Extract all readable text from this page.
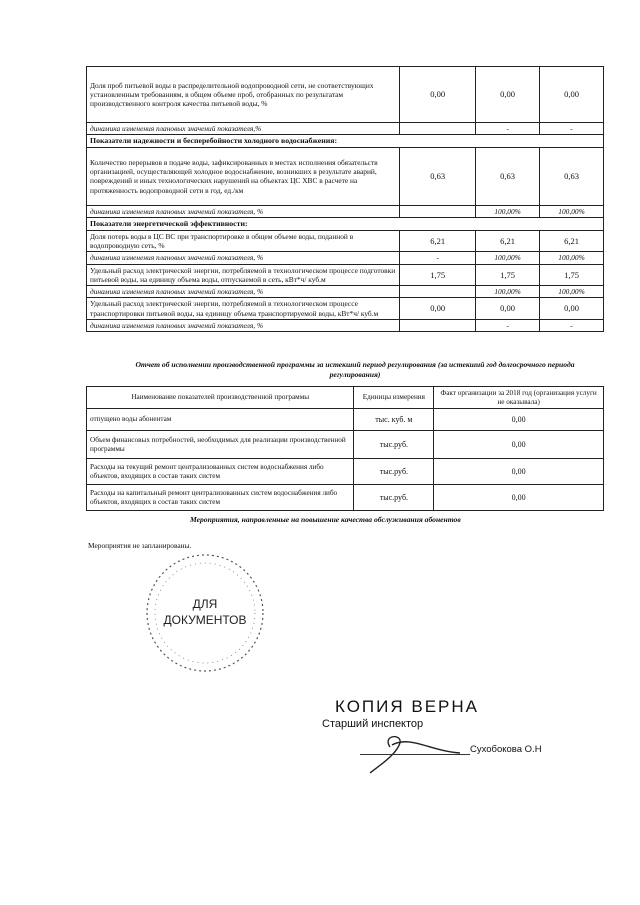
Доля проб питьевой воды в распределительной водопроводной сети, не соответствующих установленным требованиям, в общем объеме проб, отобранных по результатам производственного контроля качества питьевой воды, %	0,00	0,00	0,00
динамика изменения плановых значений показателя,%		-	-
Показатели надежности и бесперебойности холодного водоснабжения:			
Количество перерывов в подаче воды, зафиксированных в местах исполнения обязательств организацией, осуществляющей холодное водоснабжение, возникших в результате аварий, повреждений и иных технологических нарушений на объектах ЦС ХВС в расчете на протяженность водопроводной сети в год, ед./км	0,63	0,63	0,63
динамика изменения плановых значений показателя, %		100,00%	100,00%
Показатели энергетической эффективности:			
Доля потерь воды в ЦС ВС при транспортировке в общем объеме воды, поданной в водопроводную сеть, %	6,21	6,21	6,21
динамика изменения плановых значений показателя, %	-	100,00%	100,00%
Удельный расход электрической энергии, потребляемой в технологическом процессе подготовки питьевой воды, на единицу объема воды, отпускаемой в сеть, кВт*ч/ куб.м	1,75	1,75	1,75
динамика изменения плановых значений показателя, %		100,00%	100,00%
Удельный расход электрической энергии, потребляемой в технологическом процессе транспортировки питьевой воды, на единицу объема транспортируемой воды, кВт*ч/ куб.м	0,00	0,00	0,00
динамика изменения плановых значений показателя, %		-	-
Отчет об исполнении производственной программы за истекший период регулирования (за истекший год долгосрочного периода регулирования)
Наименование показателей производственной программы	Единицы измерения	Факт организации за 2018 год (организация услуги не оказывала)
отпущено воды абонентам	тыс. куб. м	0,00
Объем финансовых потребностей, необходимых для реализации производственной программы	тыс.руб.	0,00
Расходы на текущий ремонт централизованных систем водоснабжения либо объектов, входящих в состав таких систем	тыс.руб.	0,00
Расходы на капитальный ремонт централизованных систем водоснабжения либо объектов, входящих в состав таких систем	тыс.руб.	0,00
Мероприятия, направленные на повышение качества обслуживания абонентов
Мероприятия не запланированы.
ДЛЯ
ДОКУМЕНТОВ
КОПИЯ ВЕРНА
Старший инспектор
Сухобокова О.Н
